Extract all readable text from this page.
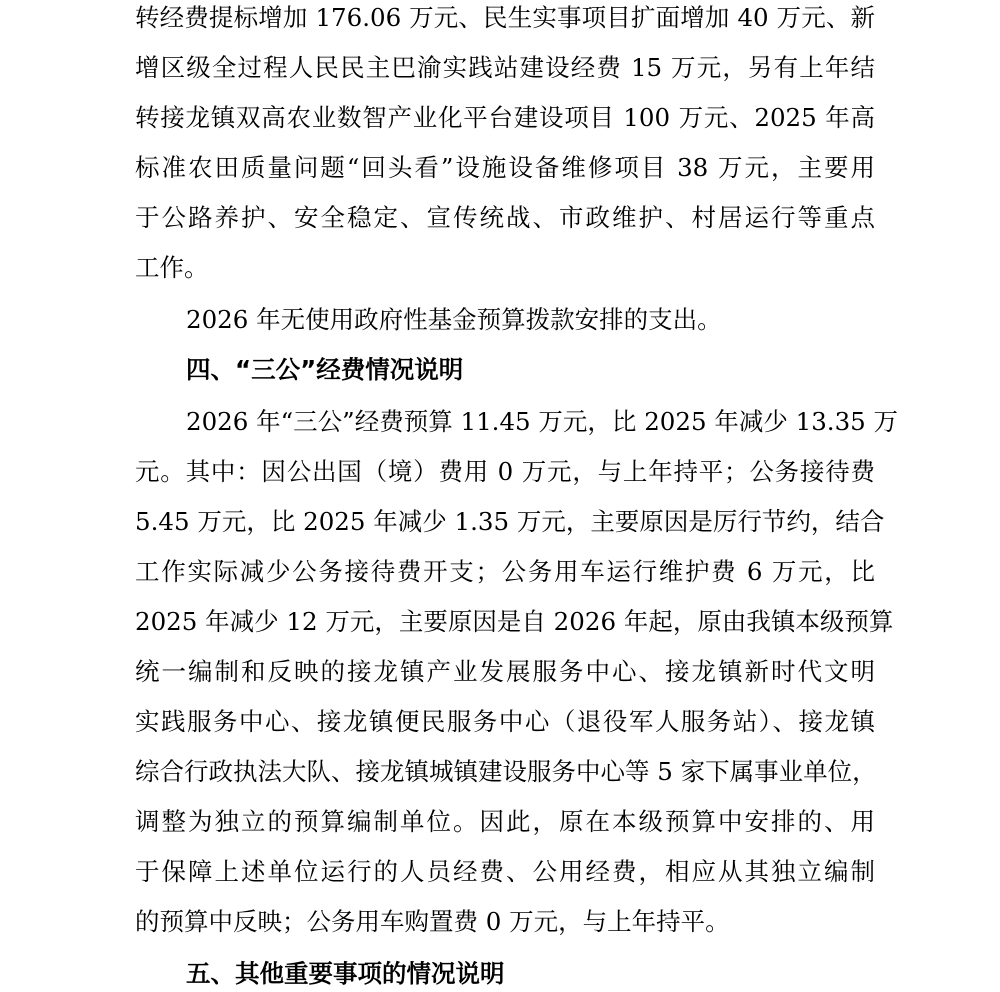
转经费提标增加 176.06 万元、民生实事项目扩面增加 40 万元、新
增区级全过程人民民主巴渝实践站建设经费 15 万元，另有上年结
转接龙镇双高农业数智产业化平台建设项目 100 万元、2025 年高
标准农田质量问题“回头看”设施设备维修项目 38 万元，主要用
于公路养护、安全稳定、宣传统战、市政维护、村居运行等重点
工作。
2026 年无使用政府性基金预算拨款安排的支出。
四、“三公”经费情况说明
2026 年“三公”经费预算 11.45 万元，比 2025 年减少 13.35 万
元。其中：因公出国（境）费用 0 万元，与上年持平；公务接待费
5.45 万元，比 2025 年减少 1.35 万元，主要原因是厉行节约，结合
工作实际减少公务接待费开支；公务用车运行维护费 6 万元，比
2025 年减少 12 万元，主要原因是自 2026 年起，原由我镇本级预算
统一编制和反映的接龙镇产业发展服务中心、接龙镇新时代文明
实践服务中心、接龙镇便民服务中心（退役军人服务站）、接龙镇
综合行政执法大队、接龙镇城镇建设服务中心等 5 家下属事业单位，
调整为独立的预算编制单位。因此，原在本级预算中安排的、用
于保障上述单位运行的人员经费、公用经费，相应从其独立编制
的预算中反映；公务用车购置费 0 万元，与上年持平。
五、其他重要事项的情况说明
